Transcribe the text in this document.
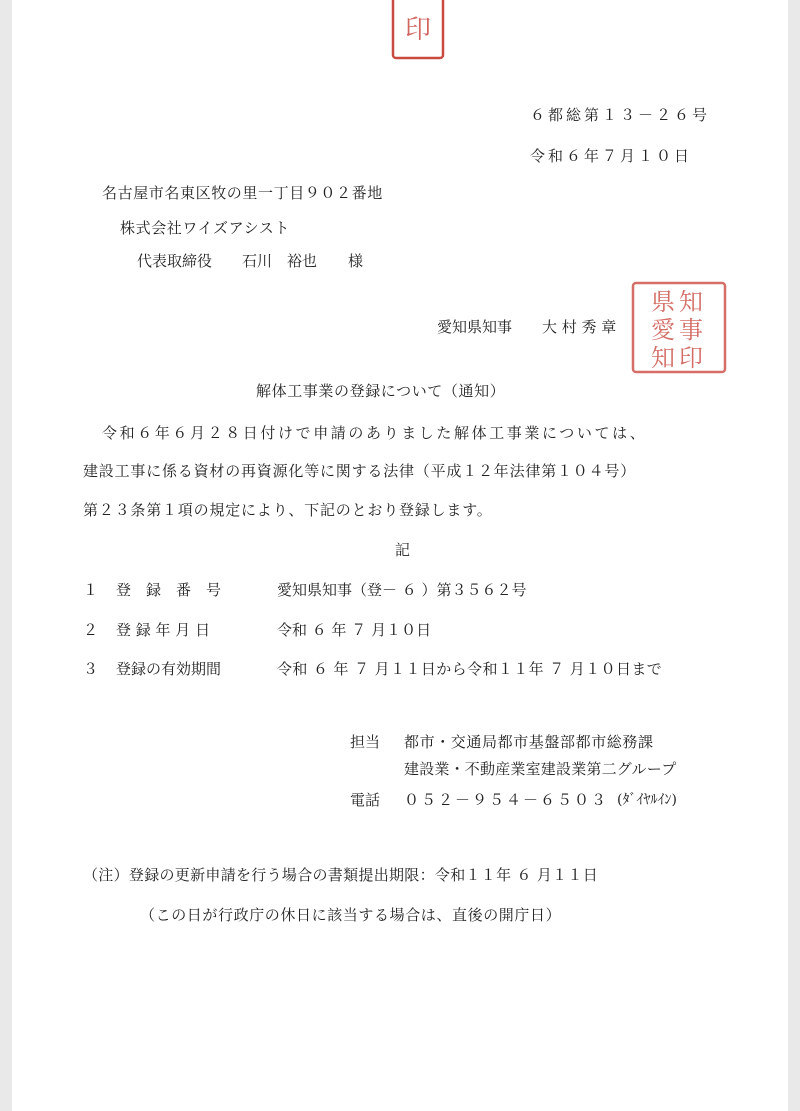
印
６都総第１３－２６号
令和６年７月１０日
名古屋市名東区牧の里一丁目９０２番地
株式会社ワイズアシスト
代表取締役 石川　裕也 様
愛知県知事 大 村 秀 章
県知
愛事
知印
解体工事業の登録について（通知）
令和６年６月２８日付けで申請のありました解体工事業については、
建設工事に係る資材の再資源化等に関する法律（平成１２年法律第１０４号）
第２３条第１項の規定により、下記のとおり登録します。
記
１ 登　録　番　号	愛知県知事（登－ ６ ）第３５６２号
２ 登 録 年 月 日	令和 ６ 年 ７ 月１０日
３ 登録の有効期間	令和 ６ 年 ７ 月１１日から令和１１年 ７ 月１０日まで
担当 都市・交通局都市基盤部都市総務課
建設業・不動産業室建設業第二グループ
電話 ０５２－９５４－６５０３ (ﾀﾞｲﾔﾙｲﾝ)
（注）登録の更新申請を行う場合の書類提出期限：令和１１年 ６ 月１１日
（この日が行政庁の休日に該当する場合は、直後の開庁日）
